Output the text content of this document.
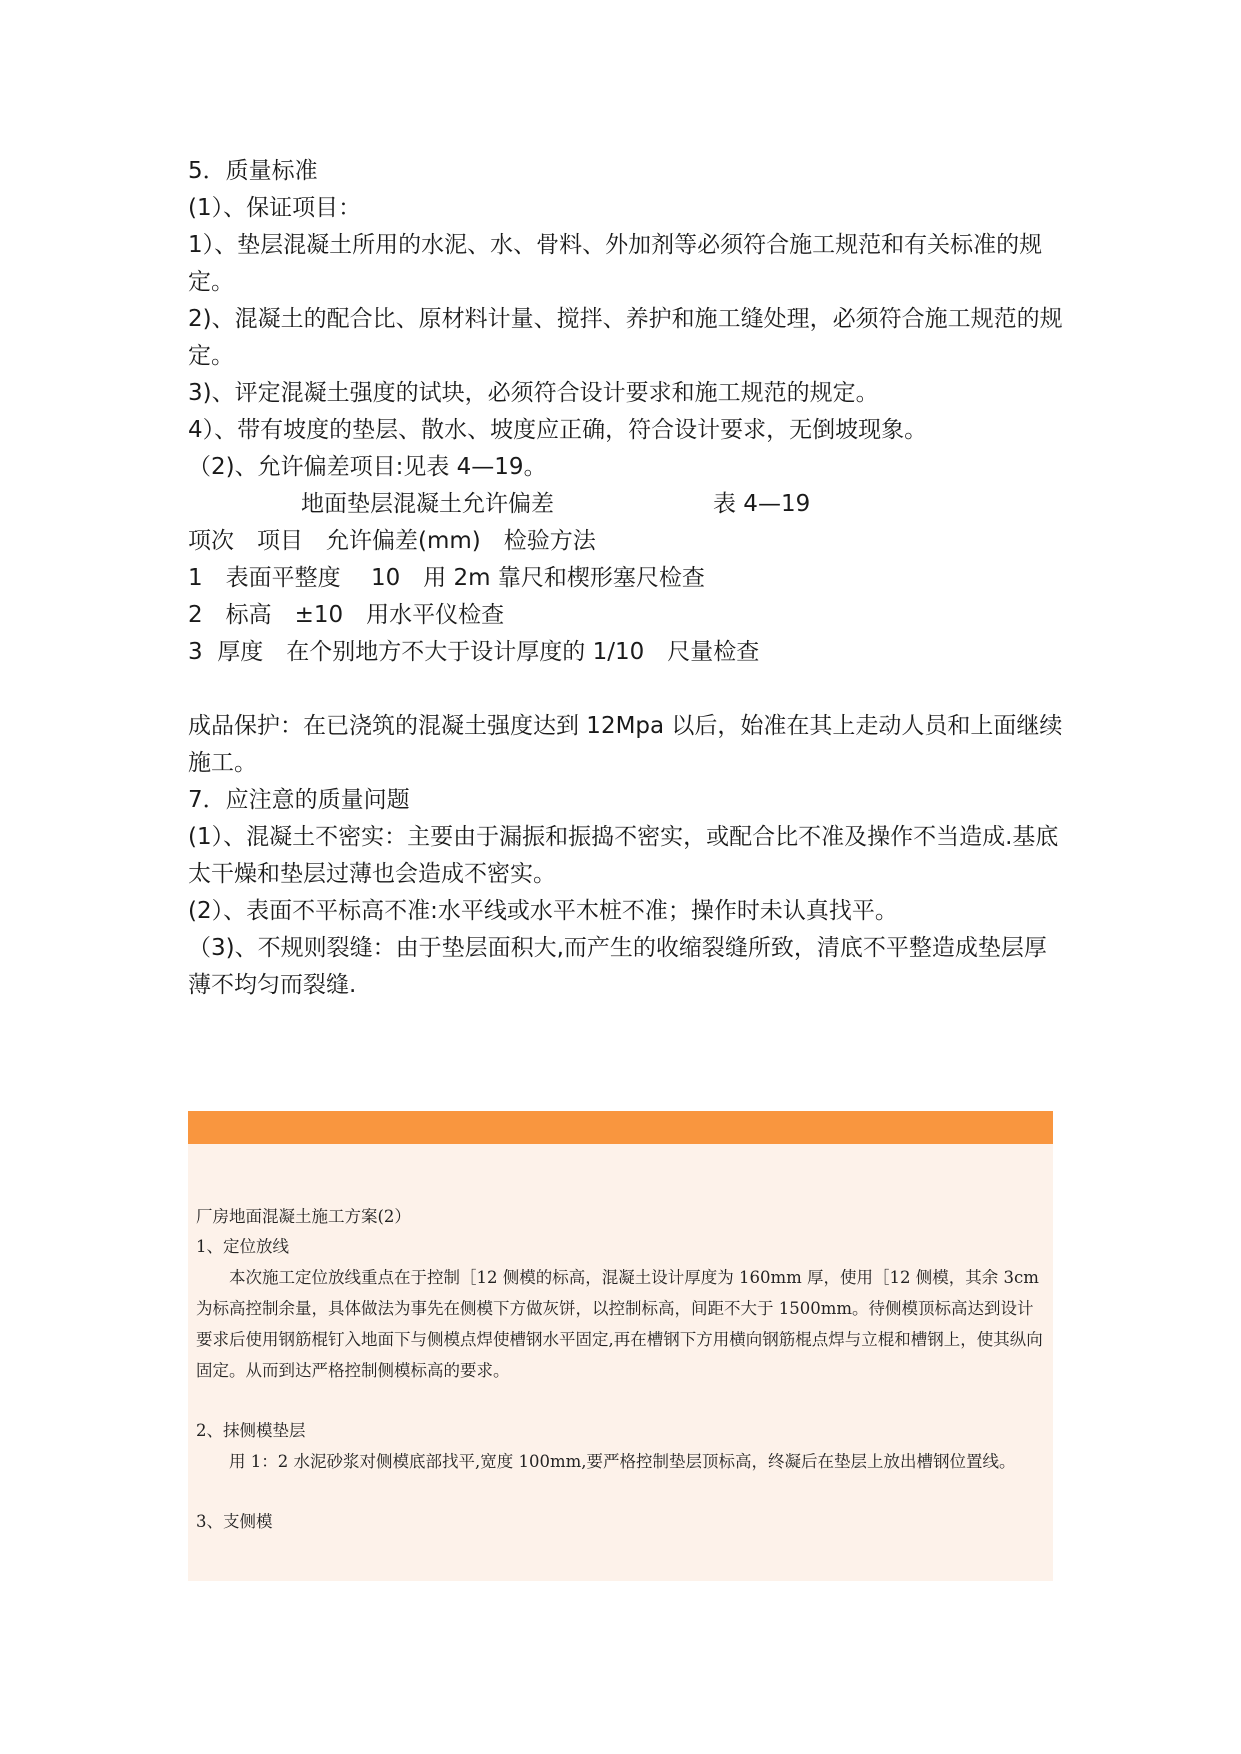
5．质量标准

(1）、保证项目：

1）、垫层混凝土所用的水泥、水、骨料、外加剂等必须符合施工规范和有关标准的规定。

2)、混凝土的配合比、原材料计量、搅拌、养护和施工缝处理，必须符合施工规范的规定。

3)、评定混凝土强度的试块，必须符合设计要求和施工规范的规定。

4）、带有坡度的垫层、散水、坡度应正确，符合设计要求，无倒坡现象。

（2)、允许偏差项目:见表 4—19。

地面垫层混凝土允许偏差	表 4—19

项次　项目　允许偏差(mm)　检验方法

1　表面平整度　 10　用 2m 靠尺和楔形塞尺检查

2　标高　±10　用水平仪检查

3  厚度　在个别地方不大于设计厚度的 1/10　尺量检查

成品保护：在已浇筑的混凝土强度达到 12Mpa 以后，始准在其上走动人员和上面继续施工。

7．应注意的质量问题

(1）、混凝土不密实：主要由于漏振和振捣不密实，或配合比不准及操作不当造成.基底太干燥和垫层过薄也会造成不密实。

(2）、表面不平标高不准:水平线或水平木桩不准；操作时未认真找平。

（3)、不规则裂缝：由于垫层面积大,而产生的收缩裂缝所致，清底不平整造成垫层厚薄不均匀而裂缝.

厂房地面混凝土施工方案(2）
1、定位放线
本次施工定位放线重点在于控制［12 侧模的标高，混凝土设计厚度为 160mm 厚，使用［12 侧模，其余 3cm 为标高控制余量，具体做法为事先在侧模下方做灰饼，以控制标高，间距不大于 1500mm。待侧模顶标高达到设计要求后使用钢筋棍钉入地面下与侧模点焊使槽钢水平固定,再在槽钢下方用横向钢筋棍点焊与立棍和槽钢上，使其纵向固定。从而到达严格控制侧模标高的要求。
2、抹侧模垫层
用 1：2 水泥砂浆对侧模底部找平,宽度 100mm,要严格控制垫层顶标高，终凝后在垫层上放出槽钢位置线。
3、支侧模
